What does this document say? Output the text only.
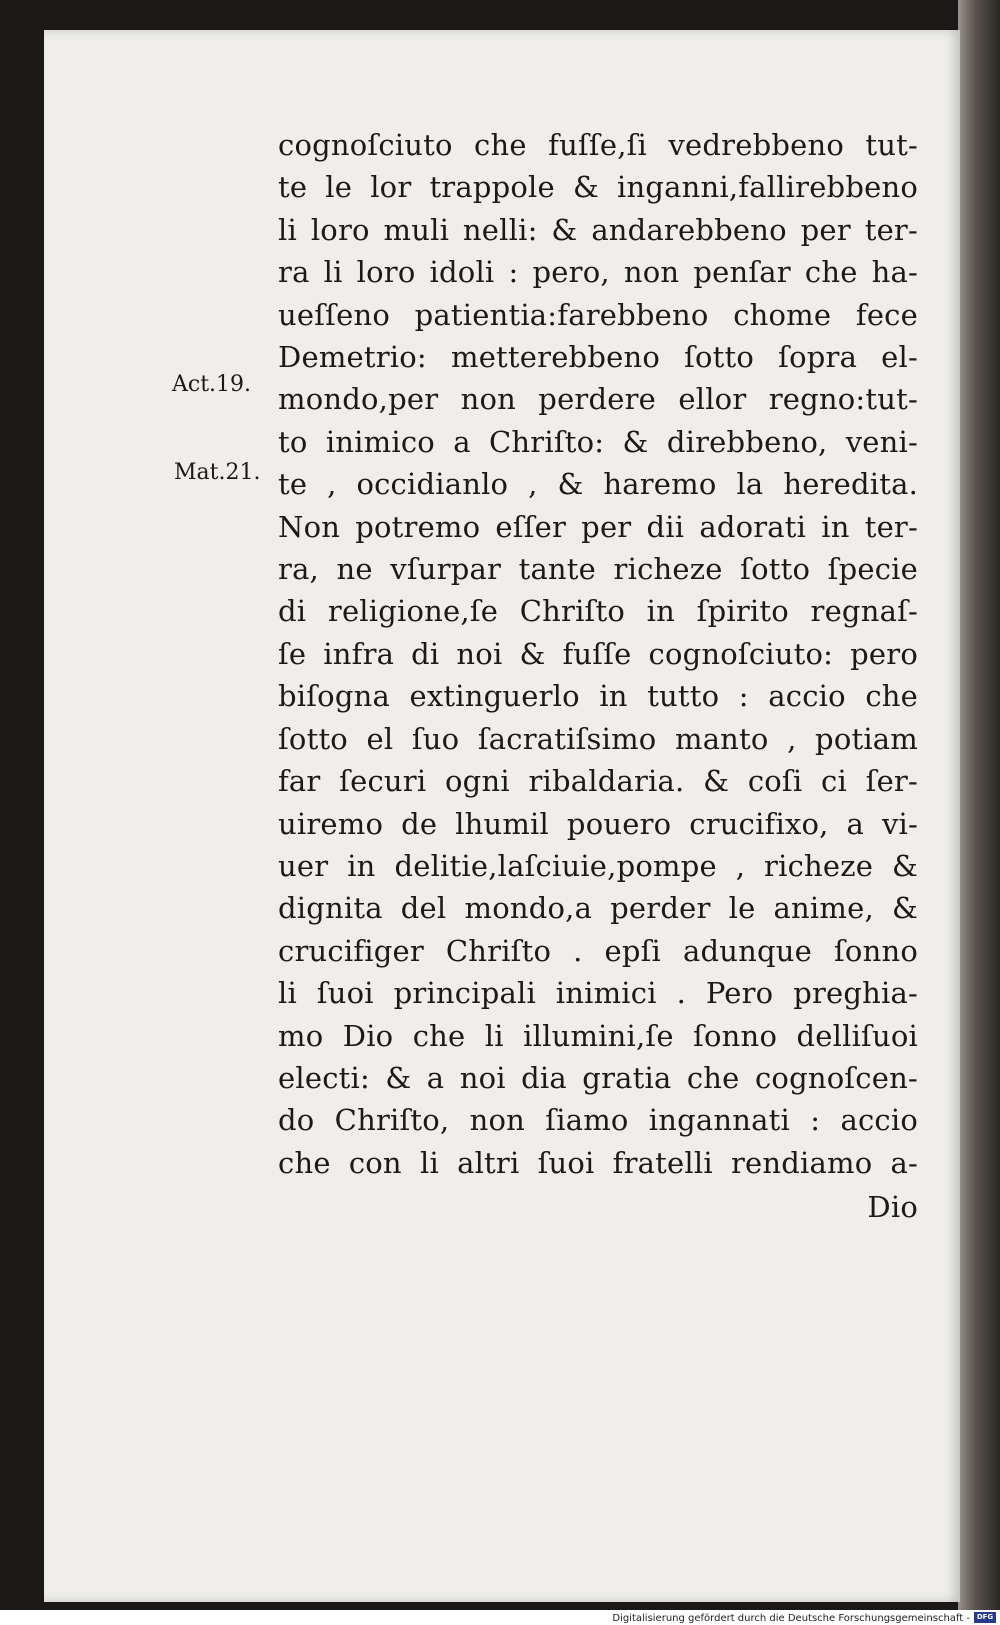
Act.19.
Mat.21.
cognoſciuto che fuſſe,ſi vedrebbeno tut-
te le lor trappole & inganni,fallirebbeno
li loro muli nelli: & andarebbeno per ter-
ra li loro idoli : pero, non penſar che ha-
ueſſeno patientia:farebbeno chome fece
Demetrio: metterebbeno ſotto ſopra el-
mondo,per non perdere ellor regno:tut-
to inimico a Chriſto: & direbbeno, veni-
te , occidianlo , & haremo la heredita.
Non potremo eſſer per dii adorati in ter-
ra, ne vſurpar tante richeze ſotto ſpecie
di religione,ſe Chriſto in ſpirito regnaſ-
ſe infra di noi & fuſſe cognoſciuto: pero
biſogna extinguerlo in tutto : accio che
ſotto el ſuo ſacratiſsimo manto , potiam
far ſecuri ogni ribaldaria. & coſi ci ſer-
uiremo de lhumil pouero crucifixo, a vi-
uer in delitie,laſciuie,pompe , richeze &
dignita del mondo,a perder le anime, &
crucifiger Chriſto . epſi adunque ſonno
li ſuoi principali inimici . Pero preghia-
mo Dio che li illumini,ſe ſonno delliſuoi
electi: & a noi dia gratia che cognoſcen-
do Chriſto, non ſiamo ingannati : accio
che con li altri ſuoi fratelli rendiamo a-
Dio
Digitalisierung gefördert durch die Deutsche Forschungsgemeinschaft - DFG
